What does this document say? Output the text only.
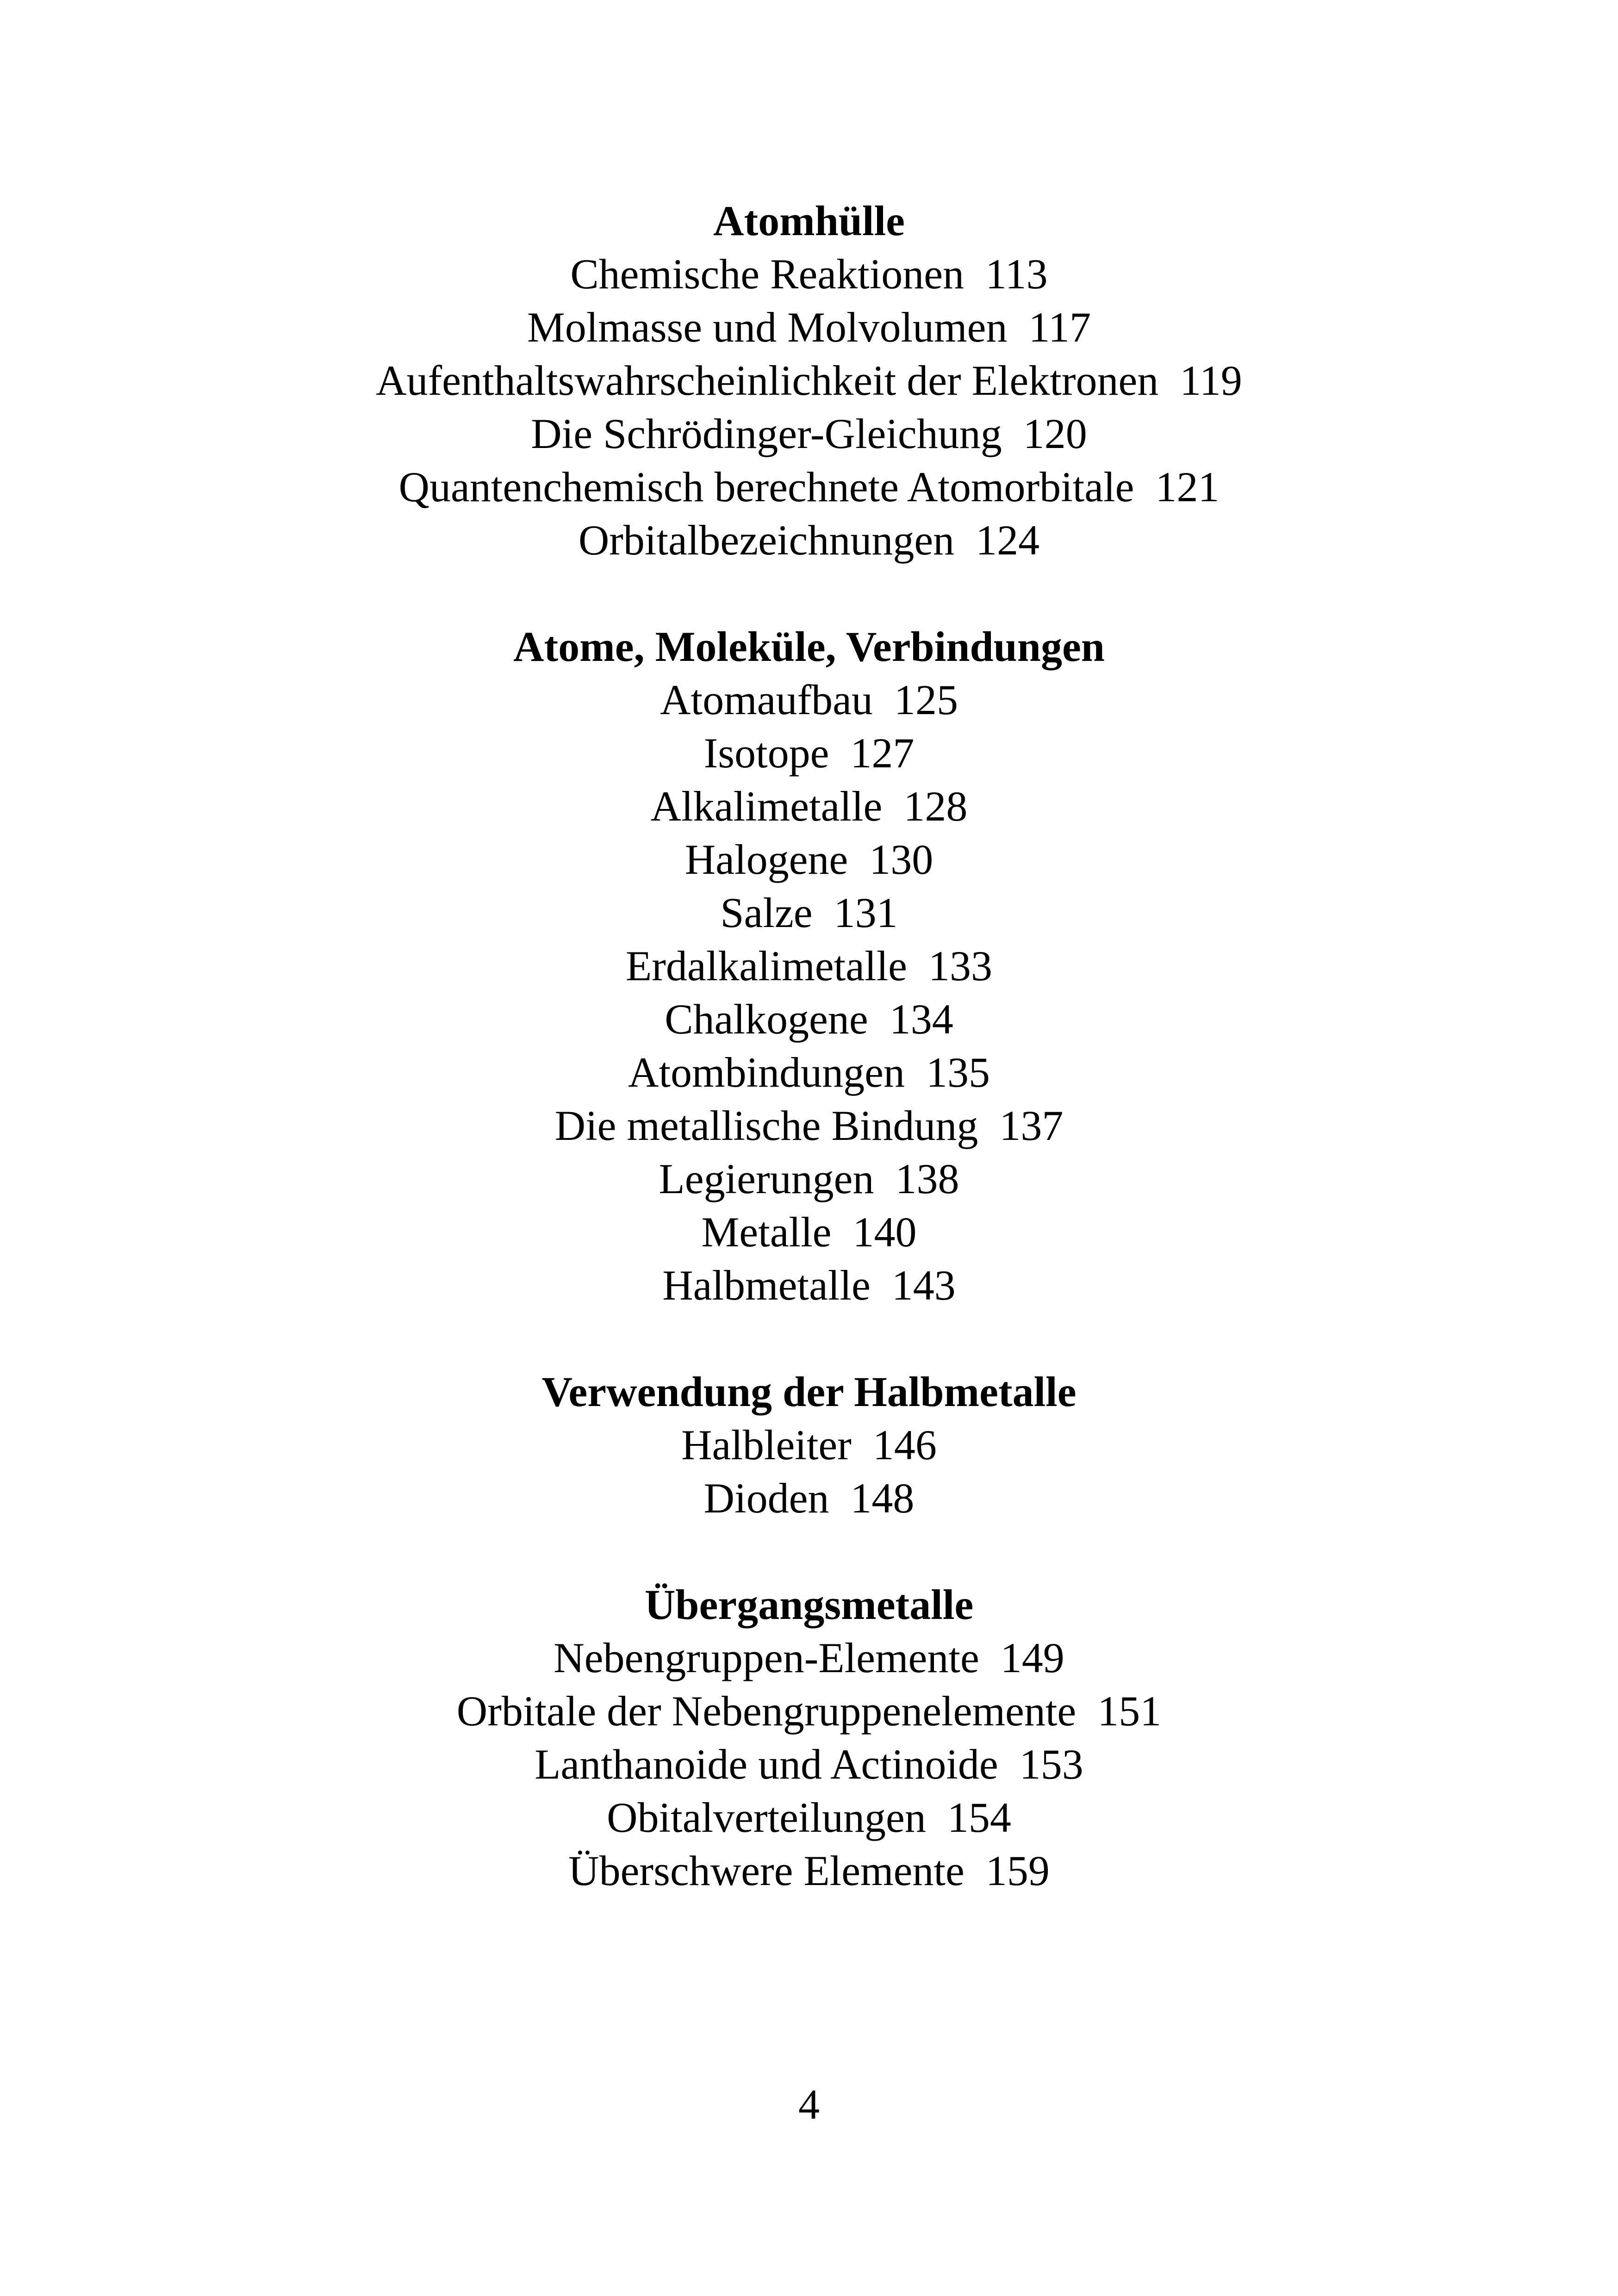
Atomhülle

Chemische Reaktionen 113

Molmasse und Molvolumen 117

Aufenthaltswahrscheinlichkeit der Elektronen 119

Die Schrödinger-Gleichung 120

Quantenchemisch berechnete Atomorbitale 121

Orbitalbezeichnungen 124

Atome, Moleküle, Verbindungen

Atomaufbau 125

Isotope 127

Alkalimetalle 128

Halogene 130

Salze 131

Erdalkalimetalle 133

Chalkogene 134

Atombindungen 135

Die metallische Bindung 137

Legierungen 138

Metalle 140

Halbmetalle 143

Verwendung der Halbmetalle

Halbleiter 146

Dioden 148

Übergangsmetalle

Nebengruppen-Elemente 149

Orbitale der Nebengruppenelemente 151

Lanthanoide und Actinoide 153

Obitalverteilungen 154

Überschwere Elemente 159

4
